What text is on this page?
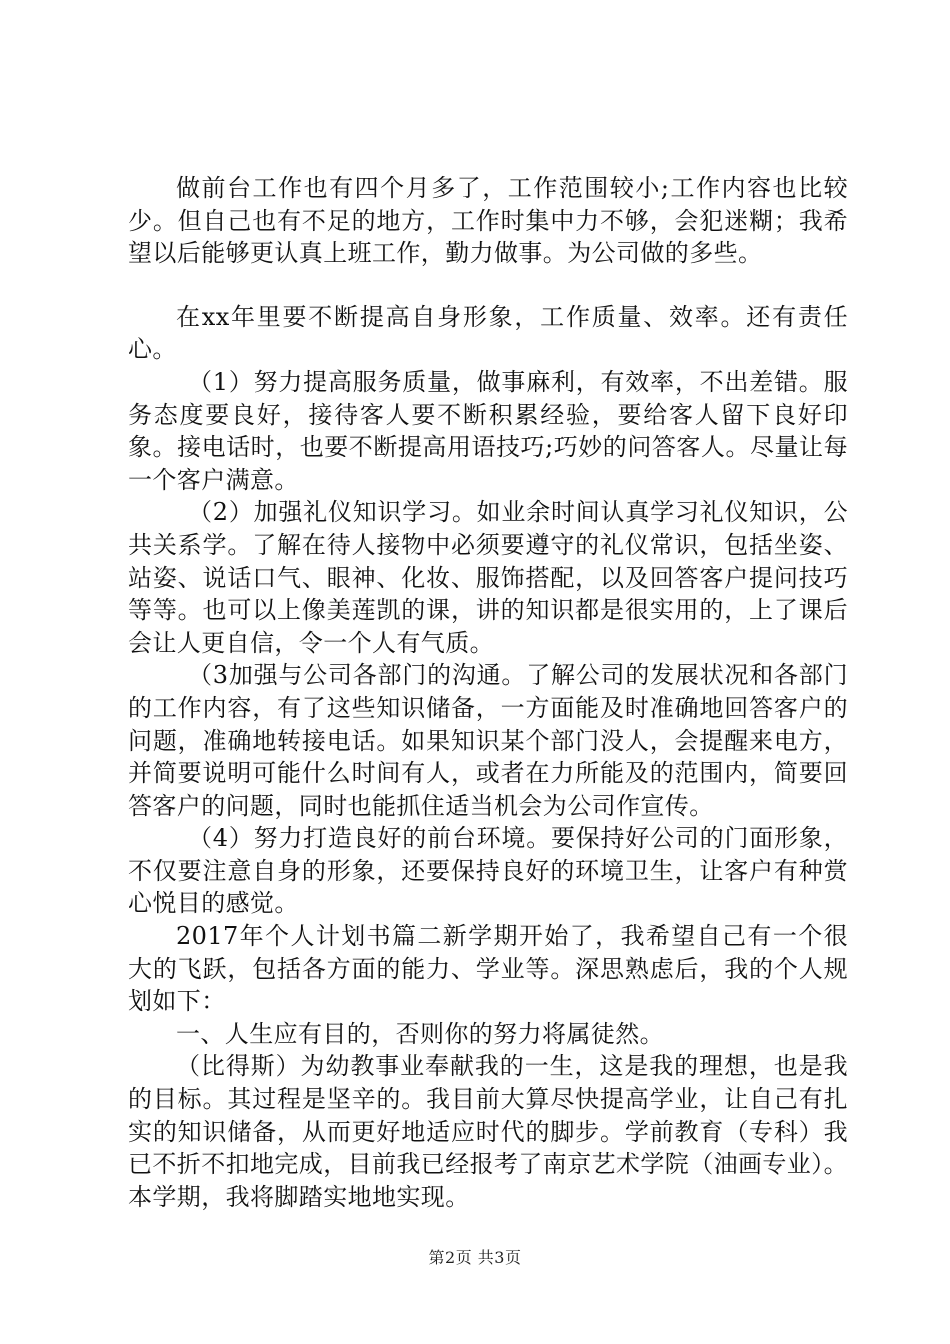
做前台工作也有四个月多了，工作范围较小;工作内容也比较少。但自己也有不足的地方，工作时集中力不够，会犯迷糊；我希望以后能够更认真上班工作，勤力做事。为公司做的多些。

在xx年里要不断提高自身形象，工作质量、效率。还有责任心。

（1）努力提高服务质量，做事麻利，有效率，不出差错。服务态度要良好，接待客人要不断积累经验，要给客人留下良好印象。接电话时，也要不断提高用语技巧;巧妙的问答客人。尽量让每一个客户满意。

（2）加强礼仪知识学习。如业余时间认真学习礼仪知识，公共关系学。了解在待人接物中必须要遵守的礼仪常识，包括坐姿、站姿、说话口气、眼神、化妆、服饰搭配，以及回答客户提问技巧等等。也可以上像美莲凯的课，讲的知识都是很实用的，上了课后会让人更自信，令一个人有气质。

（3加强与公司各部门的沟通。了解公司的发展状况和各部门的工作内容，有了这些知识储备，一方面能及时准确地回答客户的问题，准确地转接电话。如果知识某个部门没人，会提醒来电方，并简要说明可能什么时间有人，或者在力所能及的范围内，简要回答客户的问题，同时也能抓住适当机会为公司作宣传。

（4）努力打造良好的前台环境。要保持好公司的门面形象，不仅要注意自身的形象，还要保持良好的环境卫生，让客户有种赏心悦目的感觉。

2017年个人计划书篇二新学期开始了，我希望自己有一个很大的飞跃，包括各方面的能力、学业等。深思熟虑后，我的个人规划如下：

一、人生应有目的，否则你的努力将属徒然。

（比得斯）为幼教事业奉献我的一生，这是我的理想，也是我的目标。其过程是坚辛的。我目前大算尽快提高学业，让自己有扎实的知识储备，从而更好地适应时代的脚步。学前教育（专科）我已不折不扣地完成，目前我已经报考了南京艺术学院（油画专业）。本学期，我将脚踏实地地实现。

第2页 共3页
